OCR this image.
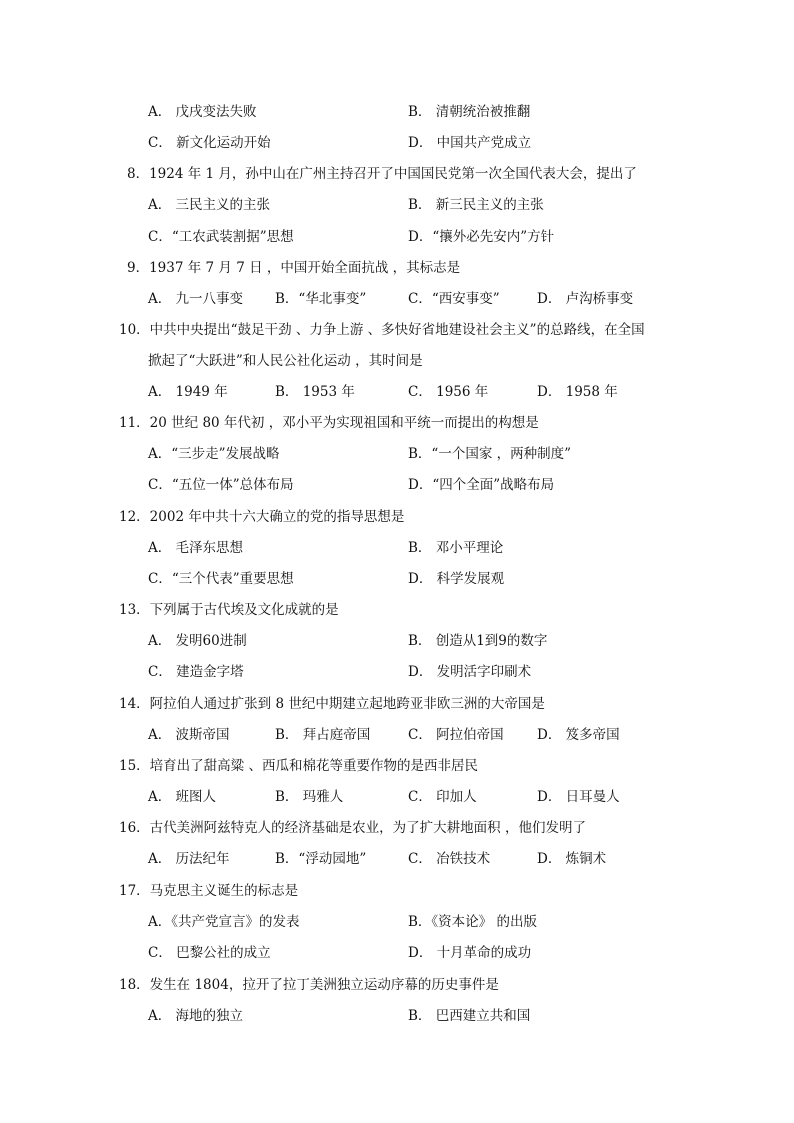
A． 戊戌变法失败	B． 清朝统治被推翻
C． 新文化运动开始	D． 中国共产党成立
8．1924 年 1 月，孙中山在广州主持召开了中国国民党第一次全国代表大会，提出了
A． 三民主义的主张	B． 新三民主义的主张
C．“工农武装割据”思想	D．“攘外必先安内”方针
9．1937 年 7 月 7 日 ，中国开始全面抗战 ，其标志是
A． 九一八事变 B．“华北事变”	C．“西安事变”	D． 卢沟桥事变
10．中共中央提出“鼓足干劲 、力争上游 、多快好省地建设社会主义”的总路线，在全国
掀起了“大跃进”和人民公社化运动 ，其时间是
A． 1949 年	B． 1953 年	C． 1956 年	D． 1958 年
11．20 世纪 80 年代初 ，邓小平为实现祖国和平统一而提出的构想是
A．“三步走”发展战略	B．“一个国家 ，两种制度”
C．“五位一体”总体布局	D．“四个全面”战略布局
12．2002 年中共十六大确立的党的指导思想是
A． 毛泽东思想	B． 邓小平理论
C．“三个代表”重要思想	D． 科学发展观
13．下列属于古代埃及文化成就的是
A． 发明60进制	B． 创造从1到9的数字
C． 建造金字塔	D． 发明活字印刷术
14．阿拉伯人通过扩张到 8 世纪中期建立起地跨亚非欧三洲的大帝国是
A． 波斯帝国	B． 拜占庭帝国	C． 阿拉伯帝国 D． 笈多帝国
15．培育出了甜高粱 、西瓜和棉花等重要作物的是西非居民
A． 班图人	B． 玛雅人	C． 印加人	D． 日耳曼人
16．古代美洲阿兹特克人的经济基础是农业，为了扩大耕地面积 ，他们发明了
A． 历法纪年	B．“浮动园地”	C． 冶铁技术	D． 炼铜术
17．马克思主义诞生的标志是
A．《共产党宣言》的发表	B．《资本论》 的出版
C． 巴黎公社的成立	D． 十月革命的成功
18．发生在 1804，拉开了拉丁美洲独立运动序幕的历史事件是
A． 海地的独立	B． 巴西建立共和国
